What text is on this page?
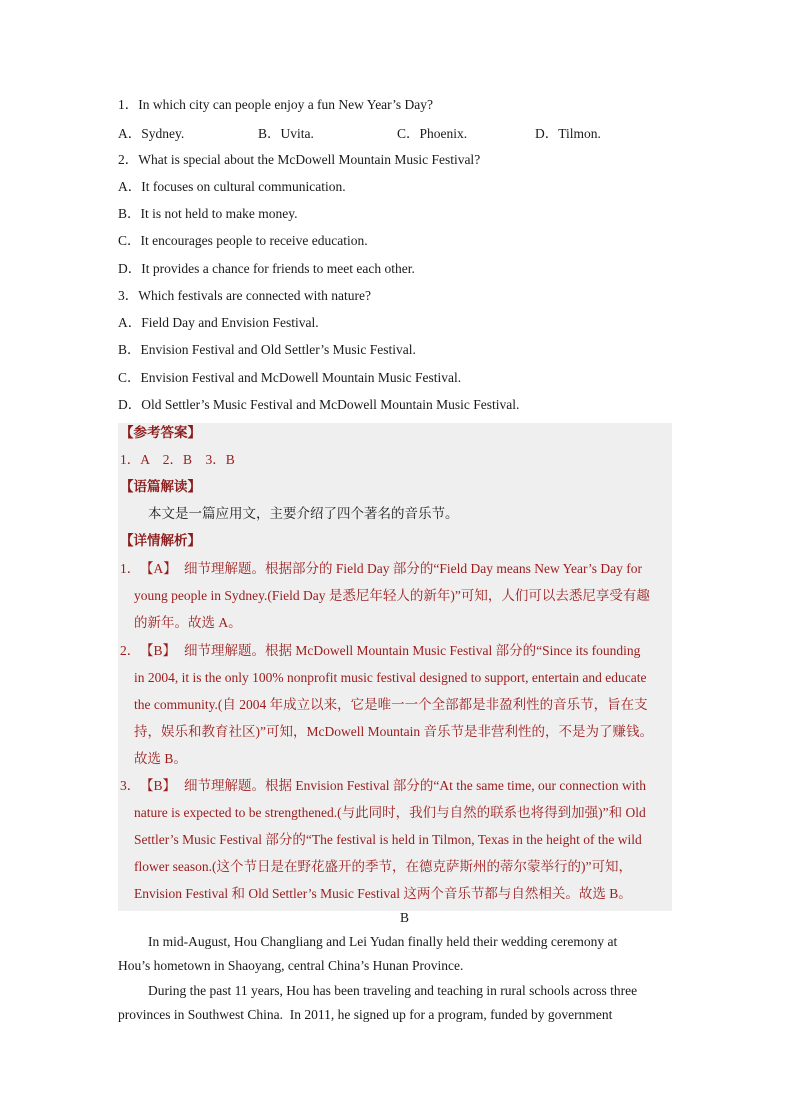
1．In which city can people enjoy a fun New Year’s Day?
A．Sydney.	B．Uvita.	C．Phoenix.	D．Tilmon.
2．What is special about the McDowell Mountain Music Festival?
A．It focuses on cultural communication.
B．It is not held to make money.
C．It encourages people to receive education.
D．It provides a chance for friends to meet each other.
3．Which festivals are connected with nature?
A．Field Day and Envision Festival.
B．Envision Festival and Old Settler’s Music Festival.
C．Envision Festival and McDowell Mountain Music Festival.
D．Old Settler’s Music Festival and McDowell Mountain Music Festival.
【参考答案】
1．A    2．B    3．B
【语篇解读】
本文是一篇应用文，主要介绍了四个著名的音乐节。
【详情解析】
1． 【A】 细节理解题。根据部分的 Field Day 部分的“Field Day means New Year’s Day for
young people in Sydney.(Field Day 是悉尼年轻人的新年)”可知，人们可以去悉尼享受有趣
的新年。故选 A。
2． 【B】 细节理解题。根据 McDowell Mountain Music Festival 部分的“Since its founding
in 2004, it is the only 100% nonprofit music festival designed to support, entertain and educate
the community.(自 2004 年成立以来，它是唯一一个全部都是非盈利性的音乐节，旨在支
持，娱乐和教育社区)”可知，McDowell Mountain 音乐节是非营利性的，不是为了赚钱。
故选 B。
3． 【B】 细节理解题。根据 Envision Festival 部分的“At the same time, our connection with
nature is expected to be strengthened.(与此同时，我们与自然的联系也将得到加强)”和 Old
Settler’s Music Festival 部分的“The festival is held in Tilmon, Texas in the height of the wild
flower season.(这个节日是在野花盛开的季节，在德克萨斯州的蒂尔蒙举行的)”可知，
Envision Festival 和 Old Settler’s Music Festival 这两个音乐节都与自然相关。故选 B。
B
In mid-August, Hou Changliang and Lei Yudan finally held their wedding ceremony at
Hou’s hometown in Shaoyang, central China’s Hunan Province.
During the past 11 years, Hou has been traveling and teaching in rural schools across three
provinces in Southwest China.  In 2011, he signed up for a program, funded by government
